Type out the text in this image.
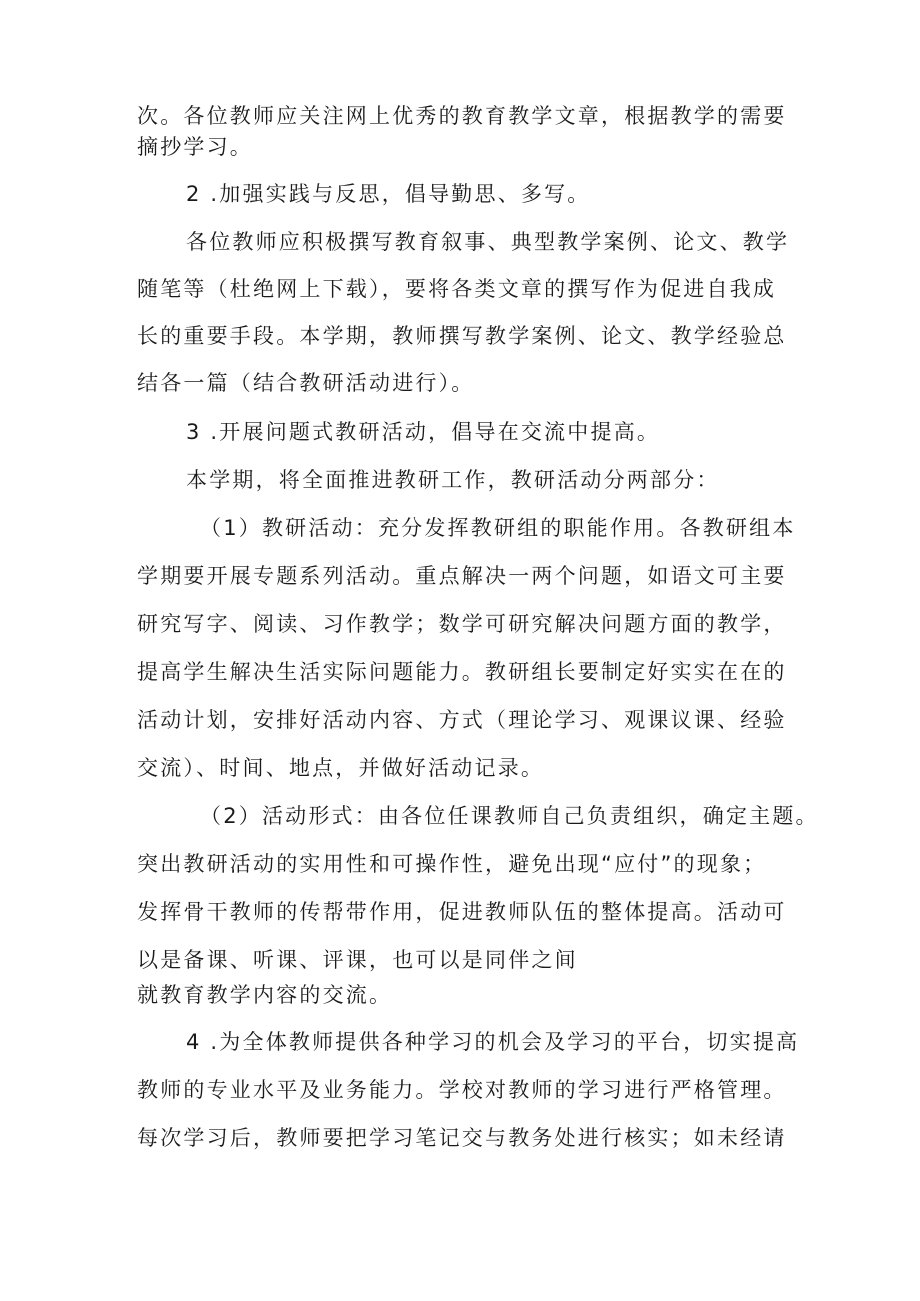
次。各位教师应关注网上优秀的教育教学文章，根据教学的需要
摘抄学习。
2 .加强实践与反思，倡导勤思、多写。
各位教师应积极撰写教育叙事、典型教学案例、论文、教学
随笔等（杜绝网上下载），要将各类文章的撰写作为促进自我成
长的重要手段。本学期，教师撰写教学案例、论文、教学经验总
结各一篇（结合教研活动进行）。
3 .开展问题式教研活动，倡导在交流中提高。
本学期，将全面推进教研工作，教研活动分两部分：
（1）教研活动：充分发挥教研组的职能作用。各教研组本
学期要开展专题系列活动。重点解决一两个问题，如语文可主要
研究写字、阅读、习作教学；数学可研究解决问题方面的教学，
提高学生解决生活实际问题能力。教研组长要制定好实实在在的
活动计划，安排好活动内容、方式（理论学习、观课议课、经验
交流）、时间、地点，并做好活动记录。
（2）活动形式：由各位任课教师自己负责组织，确定主题。
突出教研活动的实用性和可操作性，避免出现“应付”的现象；
发挥骨干教师的传帮带作用，促进教师队伍的整体提高。活动可
以是备课、听课、评课，也可以是同伴之间
就教育教学内容的交流。
4 .为全体教师提供各种学习的机会及学习的平台，切实提高
教师的专业水平及业务能力。学校对教师的学习进行严格管理。
每次学习后，教师要把学习笔记交与教务处进行核实；如未经请
